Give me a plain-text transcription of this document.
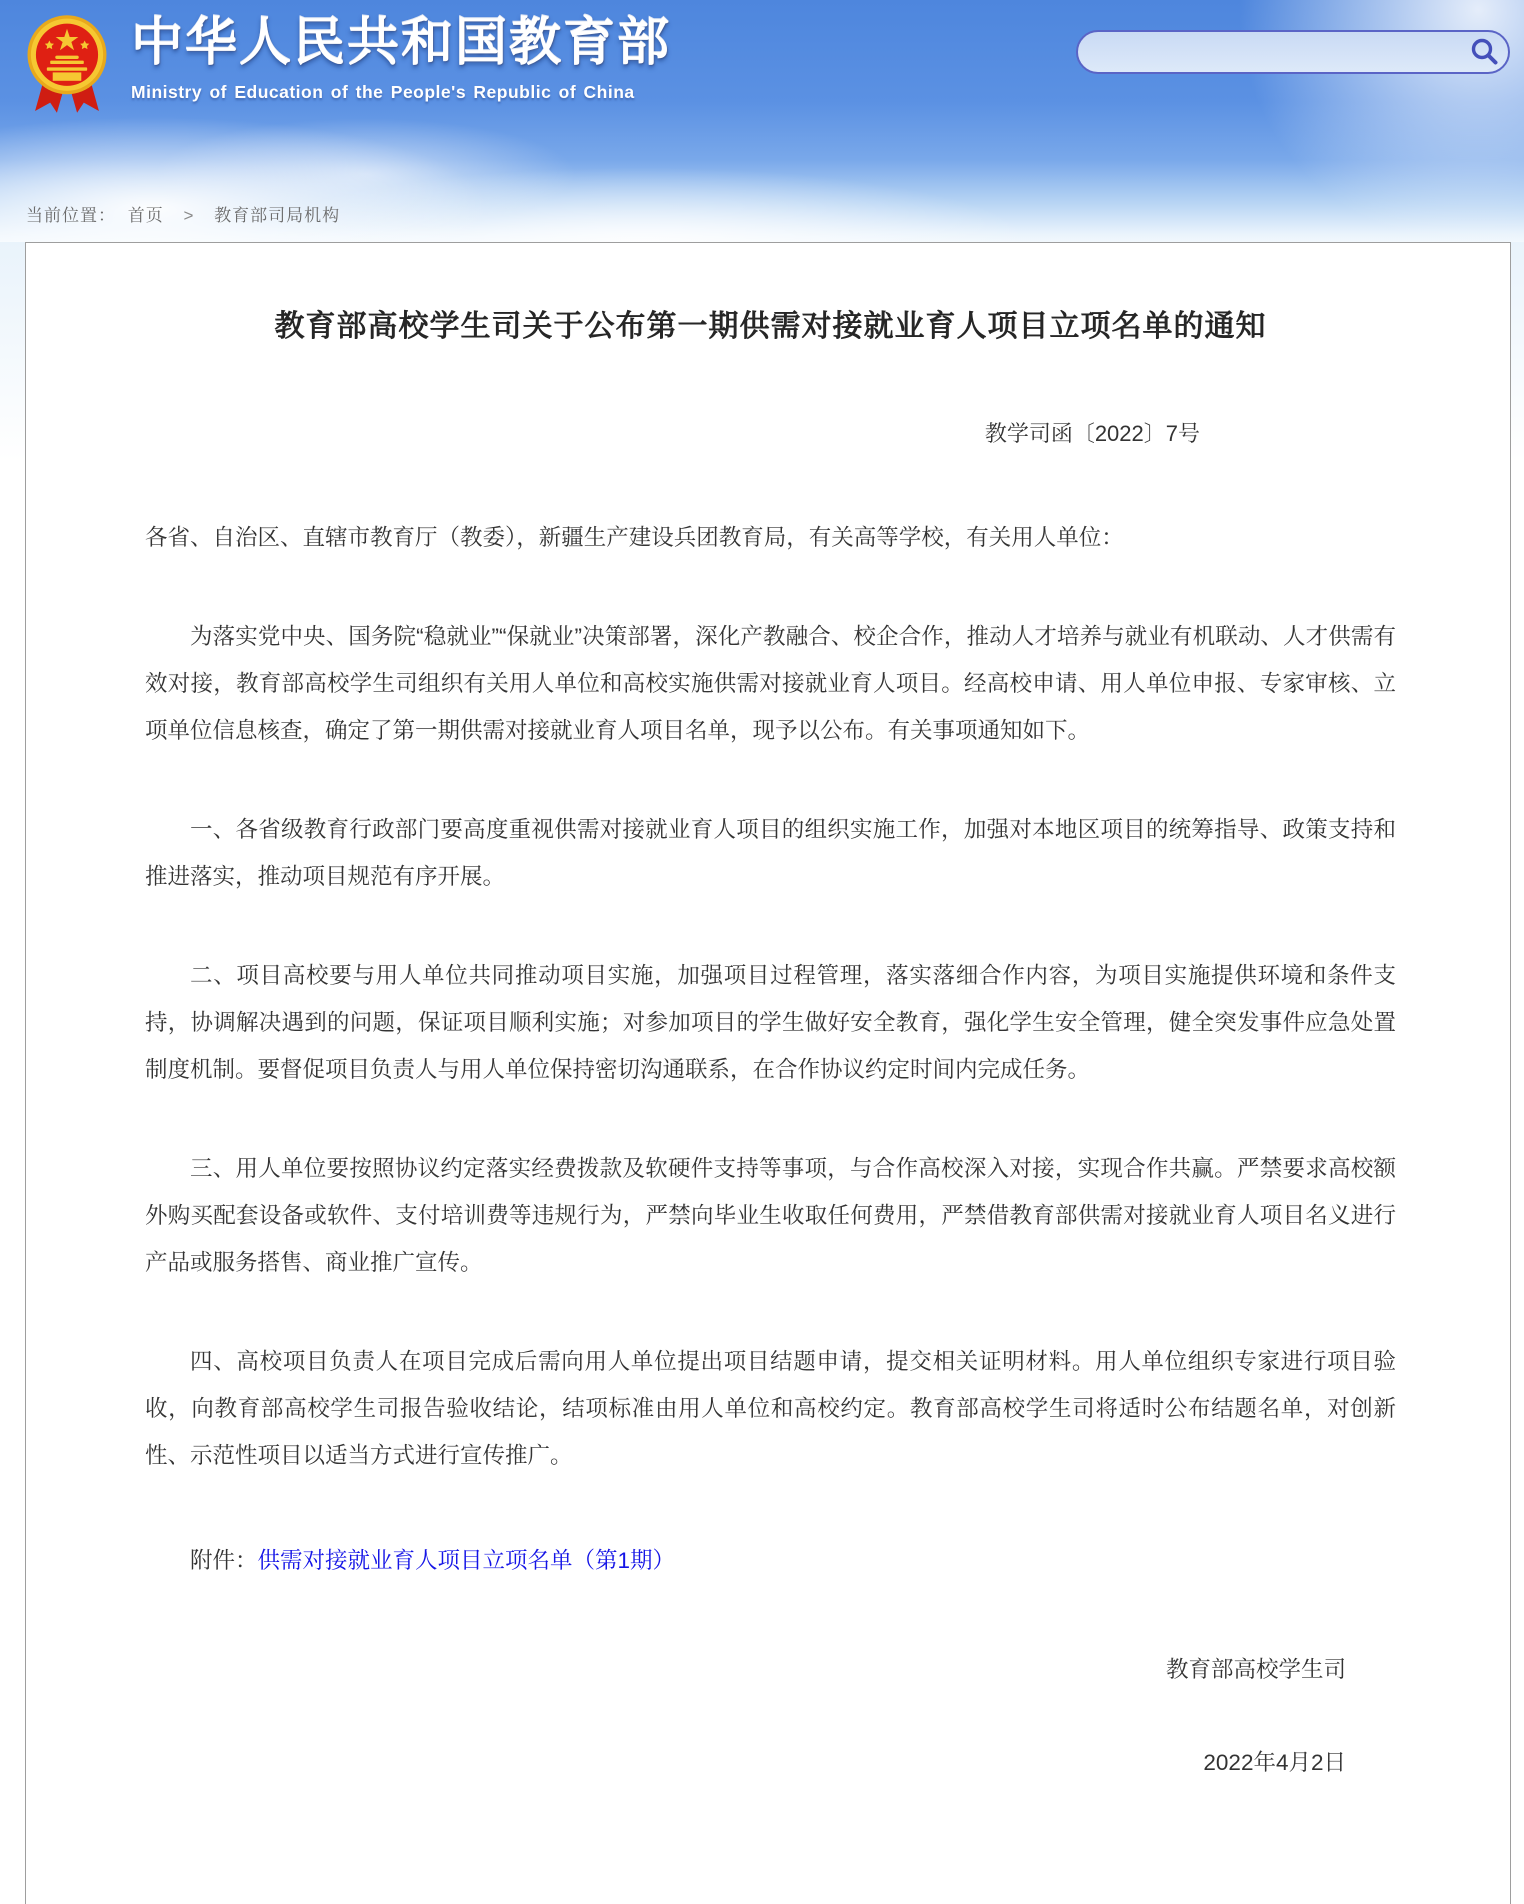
中华人民共和国教育部
Ministry of Education of the People's Republic of China
当前位置： 首页 > 教育部司局机构
教育部高校学生司关于公布第一期供需对接就业育人项目立项名单的通知
教学司函〔2022〕7号

各省、自治区、直辖市教育厅（教委），新疆生产建设兵团教育局，有关高等学校，有关用人单位：

为落实党中央、国务院“稳就业”“保就业”决策部署，深化产教融合、校企合作，推动人才培养与就业有机联动、人才供需有效对接，教育部高校学生司组织有关用人单位和高校实施供需对接就业育人项目。经高校申请、用人单位申报、专家审核、立项单位信息核查，确定了第一期供需对接就业育人项目名单，现予以公布。有关事项通知如下。

一、各省级教育行政部门要高度重视供需对接就业育人项目的组织实施工作，加强对本地区项目的统筹指导、政策支持和推进落实，推动项目规范有序开展。

二、项目高校要与用人单位共同推动项目实施，加强项目过程管理，落实落细合作内容，为项目实施提供环境和条件支持，协调解决遇到的问题，保证项目顺利实施；对参加项目的学生做好安全教育，强化学生安全管理，健全突发事件应急处置制度机制。要督促项目负责人与用人单位保持密切沟通联系，在合作协议约定时间内完成任务。

三、用人单位要按照协议约定落实经费拨款及软硬件支持等事项，与合作高校深入对接，实现合作共赢。严禁要求高校额外购买配套设备或软件、支付培训费等违规行为，严禁向毕业生收取任何费用，严禁借教育部供需对接就业育人项目名义进行产品或服务搭售、商业推广宣传。

四、高校项目负责人在项目完成后需向用人单位提出项目结题申请，提交相关证明材料。用人单位组织专家进行项目验收，向教育部高校学生司报告验收结论，结项标准由用人单位和高校约定。教育部高校学生司将适时公布结题名单，对创新性、示范性项目以适当方式进行宣传推广。

附件：供需对接就业育人项目立项名单（第1期）

教育部高校学生司
2022年4月2日
